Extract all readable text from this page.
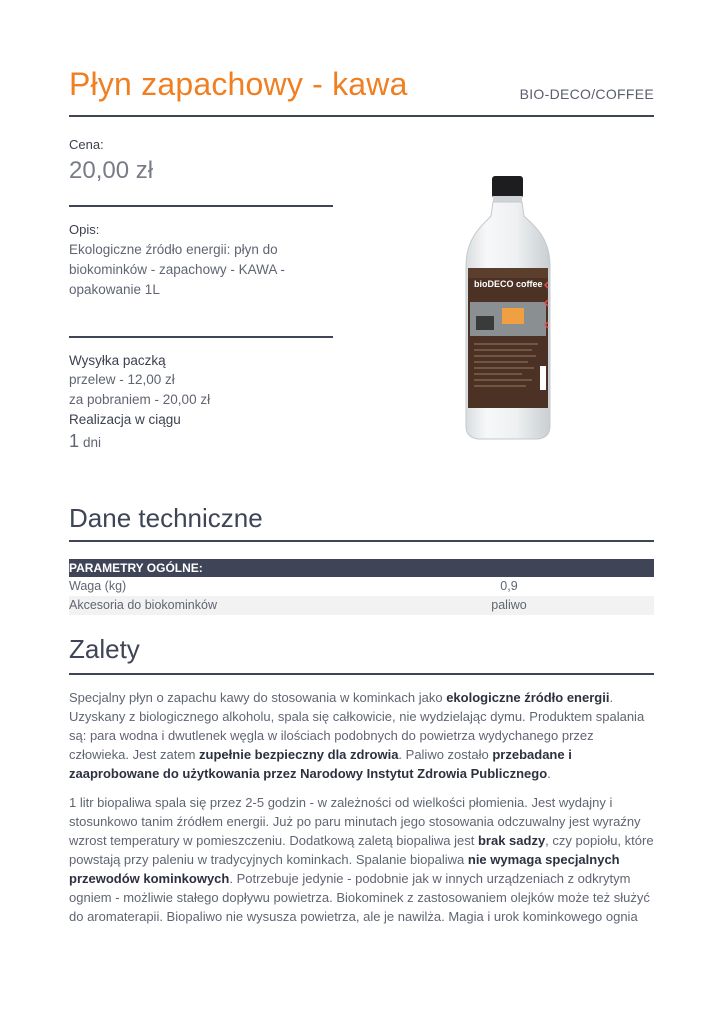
Płyn zapachowy - kawa	BIO-DECO/COFFEE
Cena:
20,00 zł
Opis:
Ekologiczne źródło energii: płyn do biokominków - zapachowy - KAWA - opakowanie 1L
Wysyłka paczką
przelew - 12,00 zł
za pobraniem - 20,00 zł
Realizacja w ciągu
1 dni
bioDECO coffee
Dane techniczne
PARAMETRY OGÓLNE:
Waga (kg)	0,9
Akcesoria do biokominków	paliwo
Zalety

Specjalny płyn o zapachu kawy do stosowania w kominkach jako ekologiczne źródło energii. Uzyskany z biologicznego alkoholu, spala się całkowicie, nie wydzielając dymu. Produktem spalania są: para wodna i dwutlenek węgla w ilościach podobnych do powietrza wydychanego przez człowieka. Jest zatem zupełnie bezpieczny dla zdrowia. Paliwo zostało przebadane i zaaprobowane do użytkowania przez Narodowy Instytut Zdrowia Publicznego.

1 litr biopaliwa spala się przez 2-5 godzin - w zależności od wielkości płomienia. Jest wydajny i stosunkowo tanim źródłem energii. Już po paru minutach jego stosowania odczuwalny jest wyraźny wzrost temperatury w pomieszczeniu. Dodatkową zaletą biopaliwa jest brak sadzy, czy popiołu, które powstają przy paleniu w tradycyjnych kominkach. Spalanie biopaliwa nie wymaga specjalnych przewodów kominkowych. Potrzebuje jedynie - podobnie jak w innych urządzeniach z odkrytym ogniem - możliwie stałego dopływu powietrza. Biokominek z zastosowaniem olejków może też służyć do aromaterapii. Biopaliwo nie wysusza powietrza, ale je nawilża. Magia i urok kominkowego ognia
